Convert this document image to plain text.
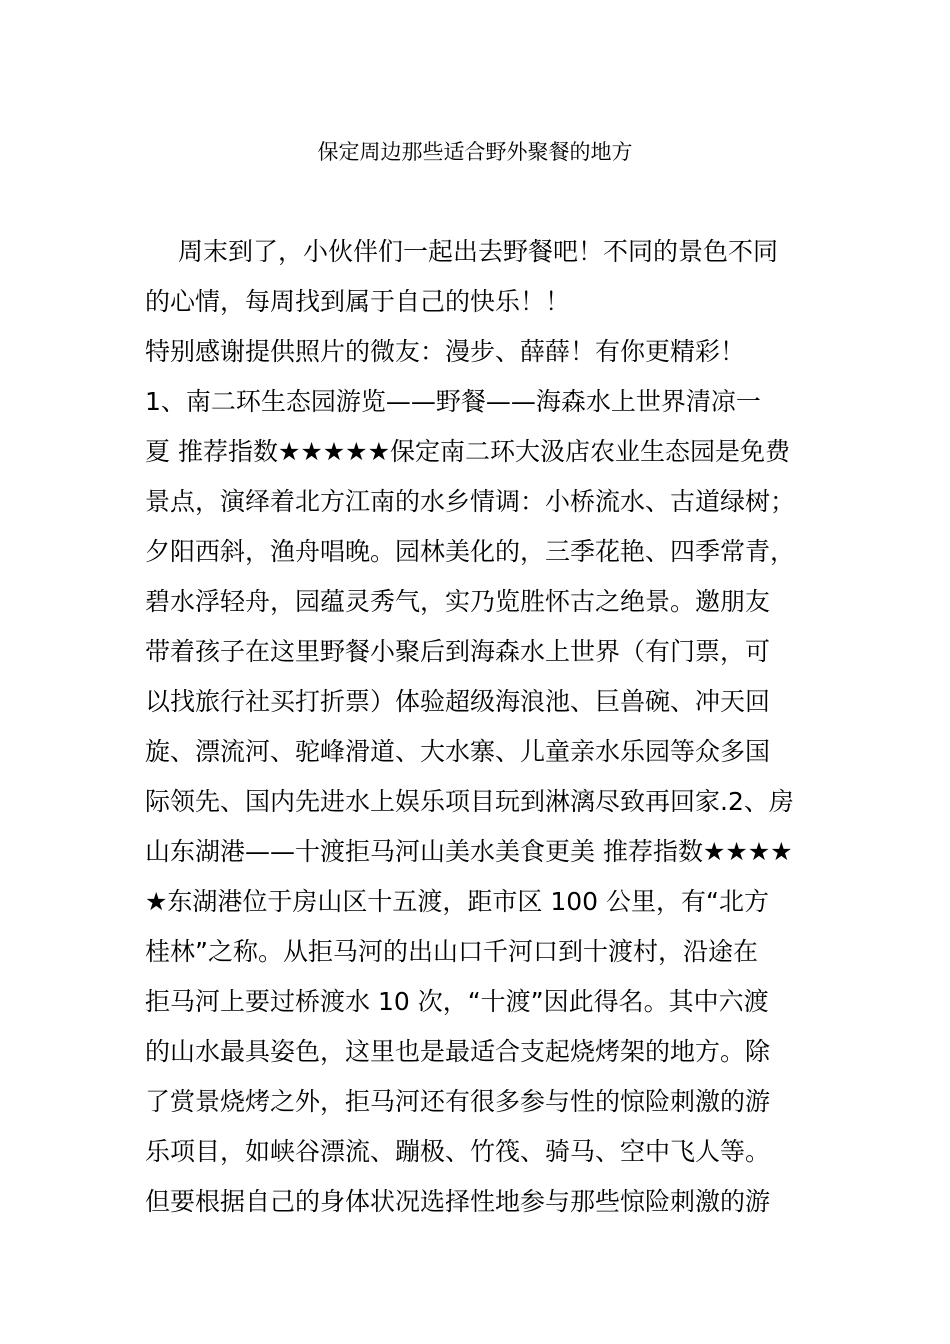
保定周边那些适合野外聚餐的地方
周末到了，小伙伴们一起出去野餐吧！不同的景色不同
的心情，每周找到属于自己的快乐！！
特别感谢提供照片的微友：漫步、薛薛！有你更精彩！
1、南二环生态园游览——野餐——海森水上世界清凉一
夏 推荐指数★★★★★保定南二环大汲店农业生态园是免费
景点，演绎着北方江南的水乡情调：小桥流水、古道绿树；
夕阳西斜，渔舟唱晚。园林美化的，三季花艳、四季常青，
碧水浮轻舟，园蕴灵秀气，实乃览胜怀古之绝景。邀朋友
带着孩子在这里野餐小聚后到海森水上世界（有门票，可
以找旅行社买打折票）体验超级海浪池、巨兽碗、冲天回
旋、漂流河、驼峰滑道、大水寨、儿童亲水乐园等众多国
际领先、国内先进水上娱乐项目玩到淋漓尽致再回家.2、房
山东湖港——十渡拒马河山美水美食更美 推荐指数★★★★
★东湖港位于房山区十五渡，距市区 100 公里，有“北方
桂林”之称。从拒马河的出山口千河口到十渡村，沿途在
拒马河上要过桥渡水 10 次，“十渡”因此得名。其中六渡
的山水最具姿色，这里也是最适合支起烧烤架的地方。除
了赏景烧烤之外，拒马河还有很多参与性的惊险刺激的游
乐项目，如峡谷漂流、蹦极、竹筏、骑马、空中飞人等。
但要根据自己的身体状况选择性地参与那些惊险刺激的游
